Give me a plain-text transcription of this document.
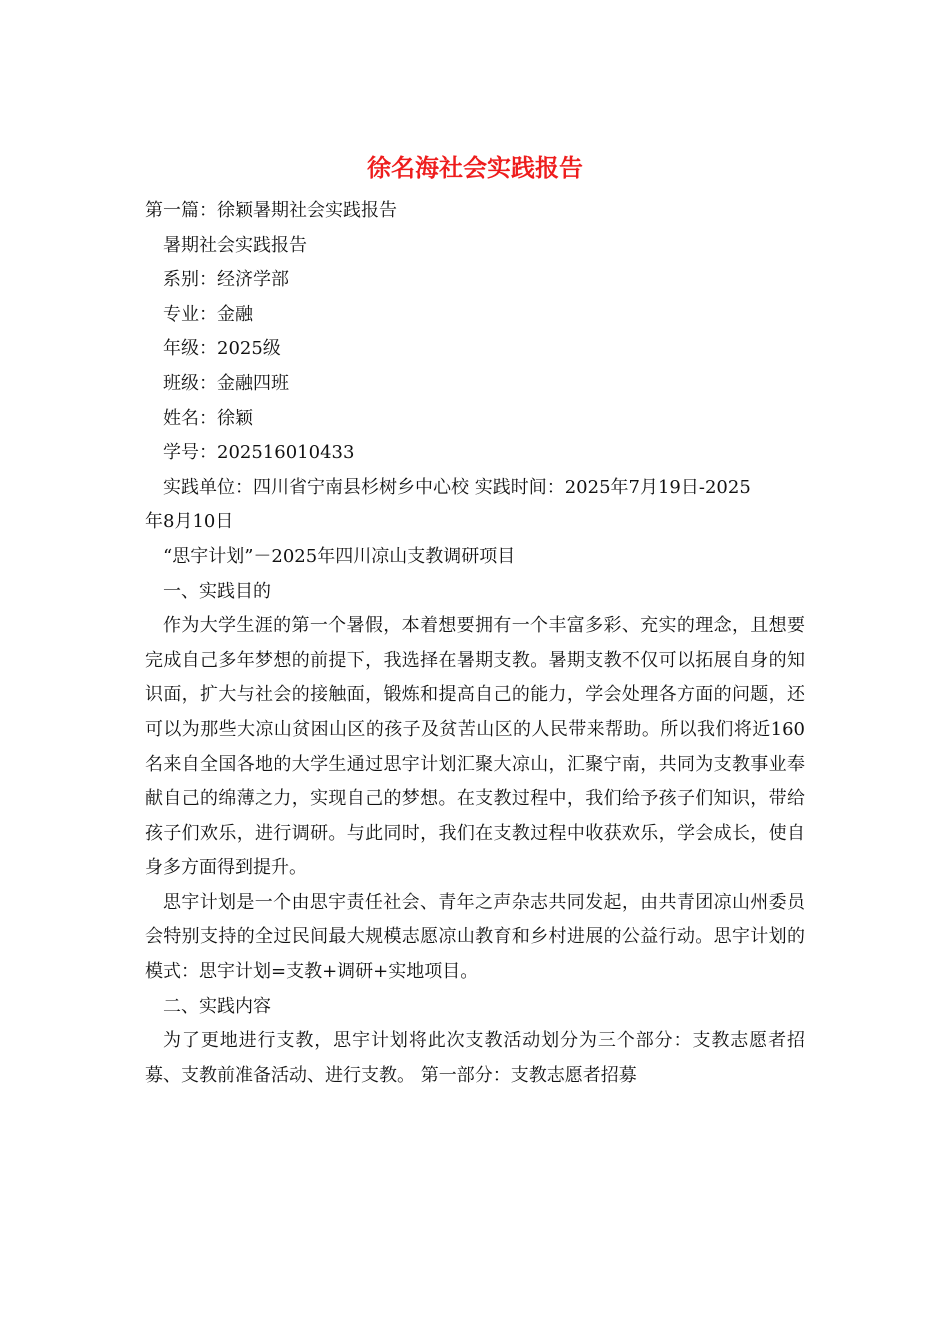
徐名海社会实践报告

第一篇：徐颖暑期社会实践报告

暑期社会实践报告

系别：经济学部

专业：金融

年级：2025级

班级：金融四班

姓名：徐颖

学号：202516010433

实践单位：四川省宁南县杉树乡中心校 实践时间：2025年7月19日-2025

年8月10日

“思宇计划”－2025年四川凉山支教调研项目

一、实践目的

作为大学生涯的第一个暑假，本着想要拥有一个丰富多彩、充实的理念，且想要完成自己多年梦想的前提下，我选择在暑期支教。暑期支教不仅可以拓展自身的知识面，扩大与社会的接触面，锻炼和提高自己的能力，学会处理各方面的问题，还可以为那些大凉山贫困山区的孩子及贫苦山区的人民带来帮助。所以我们将近160名来自全国各地的大学生通过思宇计划汇聚大凉山，汇聚宁南，共同为支教事业奉献自己的绵薄之力，实现自己的梦想。在支教过程中，我们给予孩子们知识，带给孩子们欢乐，进行调研。与此同时，我们在支教过程中收获欢乐，学会成长，使自身多方面得到提升。

思宇计划是一个由思宇责任社会、青年之声杂志共同发起，由共青团凉山州委员会特别支持的全过民间最大规模志愿凉山教育和乡村进展的公益行动。思宇计划的模式：思宇计划=支教+调研+实地项目。

二、实践内容

为了更地进行支教，思宇计划将此次支教活动划分为三个部分：支教志愿者招募、支教前准备活动、进行支教。 第一部分：支教志愿者招募
